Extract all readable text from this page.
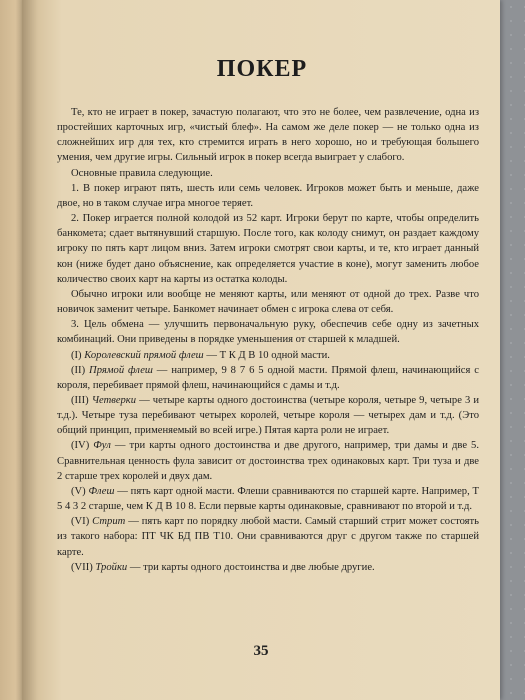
ПОКЕР

Те, кто не играет в покер, зачастую полагают, что это не более, чем развлечение, одна из простейших карточных игр, «чистый блеф». На самом же деле покер — не только одна из сложнейших игр для тех, кто стремится играть в него хорошо, но и требующая большего умения, чем другие игры. Сильный игрок в покер всегда выиграет у слабого.

Основные правила следующие.

1. В покер играют пять, шесть или семь человек. Игроков может быть и меньше, даже двое, но в таком случае игра многое теряет.

2. Покер играется полной колодой из 52 карт. Игроки берут по карте, чтобы определить банкомета; сдает вытянувший старшую. После того, как колоду снимут, он раздает каждому игроку по пять карт лицом вниз. Затем игроки смотрят свои карты, и те, кто играет данный кон (ниже будет дано объяснение, как определяется участие в коне), могут заменить любое количество своих карт на карты из остатка колоды.

Обычно игроки или вообще не меняют карты, или меняют от одной до трех. Разве что новичок заменит четыре. Банкомет начинает обмен с игрока слева от себя.

3. Цель обмена — улучшить первоначальную руку, обеспечив себе одну из зачетных комбинаций. Они приведены в порядке уменьшения от старшей к младшей.

(I) Королевский прямой флеш — Т К Д В 10 одной масти.

(II) Прямой флеш — например, 9 8 7 6 5 одной масти. Прямой флеш, начинающийся с короля, перебивает прямой флеш, начинающийся с дамы и т.д.

(III) Четверки — четыре карты одного достоинства (четыре короля, четыре 9, четыре 3 и т.д.). Четыре туза перебивают четырех королей, четыре короля — четырех дам и т.д. (Это общий принцип, применяемый во всей игре.) Пятая карта роли не играет.

(IV) Фул — три карты одного достоинства и две другого, например, три дамы и две 5. Сравнительная ценность фула зависит от достоинства трех одинаковых карт. Три туза и две 2 старше трех королей и двух дам.

(V) Флеш — пять карт одной масти. Флеши сравниваются по старшей карте. Например, Т 5 4 3 2 старше, чем К Д В 10 8. Если первые карты одинаковые, сравнивают по второй и т.д.

(VI) Стрит — пять карт по порядку любой масти. Самый старший стрит может состоять из такого набора: ПТ ЧК БД ПВ Т10. Они сравниваются друг с другом также по старшей карте.

(VII) Тройки — три карты одного достоинства и две любые другие.

35
